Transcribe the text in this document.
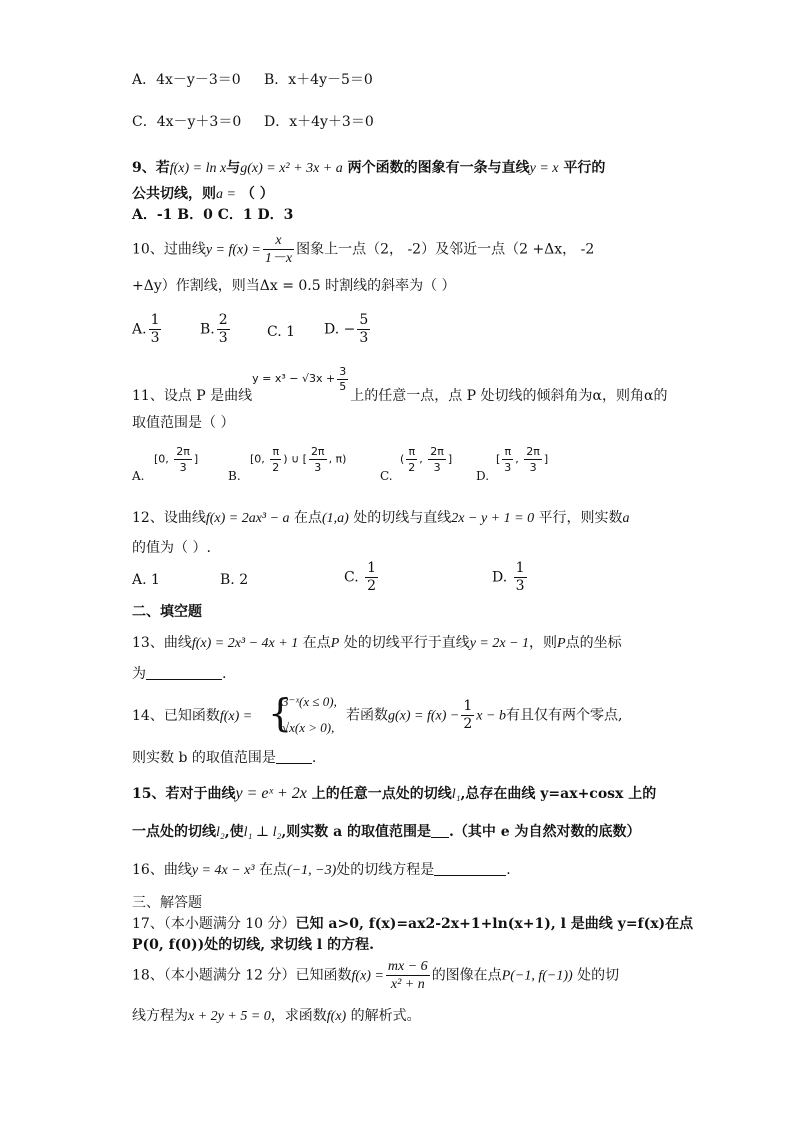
A．4x－y－3＝0 B．x＋4y－5＝0
C．4x－y＋3＝0 D．x＋4y＋3＝0
9、若f(x) = ln x与g(x) = x² + 3x + a 两个函数的图象有一条与直线y = x 平行的
公共切线，则a = （ ）
A．-1 B．0 C．1 D．3
10、过曲线$y = f(x) = \frac{x}{1-x}$ 图象上一点（2， -2）及邻近一点（2 +Δx， -2
+Δy）作割线，则当Δx = 0.5 时割线的斜率为（ ）
A. $\frac{1}{3}$	B. $\frac{2}{3}$	C. 1 D. − $\frac{5}{3}$
11、设点 P 是曲线$^{y = x^3 - √3x + \frac{3}{5}}$
上的任意一点，点 P 处切线的倾斜角为α，则角α的
取值范围是（ ）
A.
[0, $\frac{2\pi}{3}$ ]
B.
[0, $\frac{\pi}{2}$ ) ∪ [ $\frac{2\pi}{3}$ , π)
C.
( $\frac{\pi}{2}$ , $\frac{2\pi}{3}$ ]
D.
[ $\frac{\pi}{3}$ , $\frac{2\pi}{3}$ ]
12、设曲线f(x) = 2ax³ − a 在点(1,a) 处的切线与直线2x − y + 1 = 0 平行，则实数a
的值为（ ）.
A. 1	B. 2	C. $\frac{1}{2}$	D. $\frac{1}{3}$
二、填空题
13、曲线f(x) = 2x³ − 4x + 1 在点P 处的切线平行于直线y = 2x − 1，则P点的坐标
为	.
14、已知函数f(x) = {
3⁻ˣ(x ≤ 0),
√x(x > 0),
若函数$g(x) = f(x) - \frac{1}{2}$ x − b有且仅有两个零点,
则实数 b 的取值范围是	.
15、若对于曲线y = eˣ + 2x 上的任意一点处的切线l₁,总存在曲线 y=ax+cosx 上的
一点处的切线l₂,使l₁ ⊥ l₂,则实数 a 的取值范围是 .（其中 e 为自然对数的底数）
16、曲线y = 4x − x³ 在点(−1, −3)处的切线方程是	.
三、解答题
17、（本小题满分 10 分）已知 a>0, f(x)=ax2-2x+1+ln(x+1), l 是曲线 y=f(x)在点
P(0, f(0))处的切线, 求切线 l 的方程.
18、（本小题满分 12 分）已知函数$f(x) = \frac{mx - 6}{\text{x² + n}}$ 的图像在点P(−1, f(−1)) 处的切
线方程为x + 2y + 5 = 0，求函数f(x) 的解析式。
